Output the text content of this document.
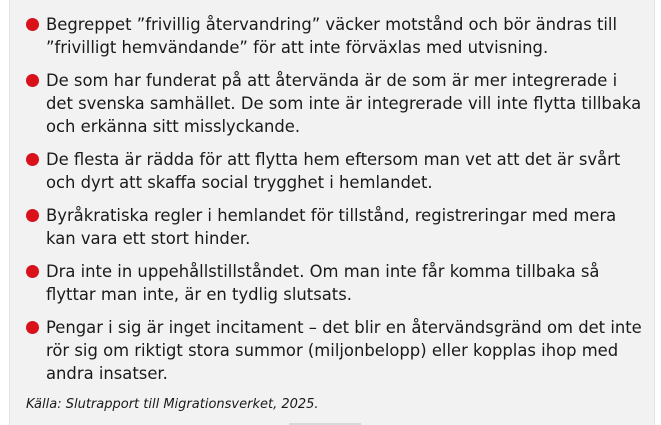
Begreppet ”frivillig återvandring” väcker motstånd och bör ändras till ”frivilligt hemvändande” för att inte förväxlas med utvisning.
De som har funderat på att återvända är de som är mer integrerade i det svenska samhället. De som inte är integrerade vill inte flytta tillbaka och erkänna sitt misslyckande.
De flesta är rädda för att flytta hem eftersom man vet att det är svårt och dyrt att skaffa social trygghet i hemlandet.
Byråkratiska regler i hemlandet för tillstånd, registreringar med mera kan vara ett stort hinder.
Dra inte in uppehållstillståndet. Om man inte får komma tillbaka så flyttar man inte, är en tydlig slutsats.
Pengar i sig är inget incitament – det blir en återvändsgränd om det inte rör sig om riktigt stora summor (miljonbelopp) eller kopplas ihop med andra insatser.
Källa: Slutrapport till Migrationsverket, 2025.
